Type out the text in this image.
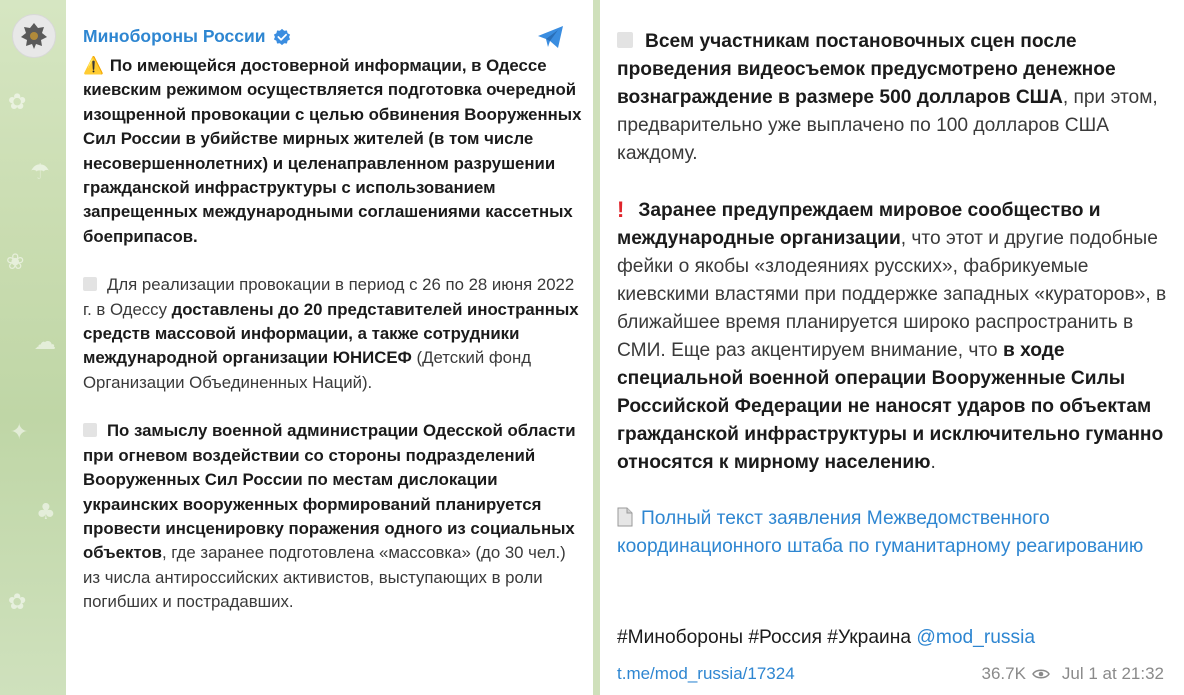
✿
☂
❀
☁
✦
♣
✿
Минобороны России

⚠️ По имеющейся достоверной информации, в Одессе киевским режимом осуществляется подготовка очередной изощренной провокации с целью обвинения Вооруженных Сил России в убийстве мирных жителей (в том числе несовершеннолетних) и целенаправленном разрушении гражданской инфраструктуры с использованием запрещенных международными соглашениями кассетных боеприпасов.

Для реализации провокации в период с 26 по 28 июня 2022 г. в Одессу доставлены до 20 представителей иностранных средств массовой информации, а также сотрудники международной организации ЮНИСЕФ (Детский фонд Организации Объединенных Наций).

По замыслу военной администрации Одесской области при огневом воздействии со стороны подразделений Вооруженных Сил России по местам дислокации украинских вооруженных формирований планируется провести инсценировку поражения одного из социальных объектов, где заранее подготовлена «массовка» (до 30 чел.) из числа антироссийских активистов, выступающих в роли погибших и пострадавших.

Всем участникам постановочных сцен после проведения видеосъемок предусмотрено денежное вознаграждение в размере 500 долларов США, при этом, предварительно уже выплачено по 100 долларов США каждому.

! Заранее предупреждаем мировое сообщество и международные организации, что этот и другие подобные фейки о якобы «злодеяниях русских», фабрикуемые киевскими властями при поддержке западных «кураторов», в ближайшее время планируется широко распространить в СМИ. Еще раз акцентируем внимание, что в ходе специальной военной операции Вооруженные Силы Российской Федерации не наносят ударов по объектам гражданской инфраструктуры и исключительно гуманно относятся к мирному населению.

Полный текст заявления Межведомственного координационного штаба по гуманитарному реагированию

#Минобороны #Россия #Украина @mod_russia
t.me/mod_russia/17324	36.7K Jul 1 at 21:32
